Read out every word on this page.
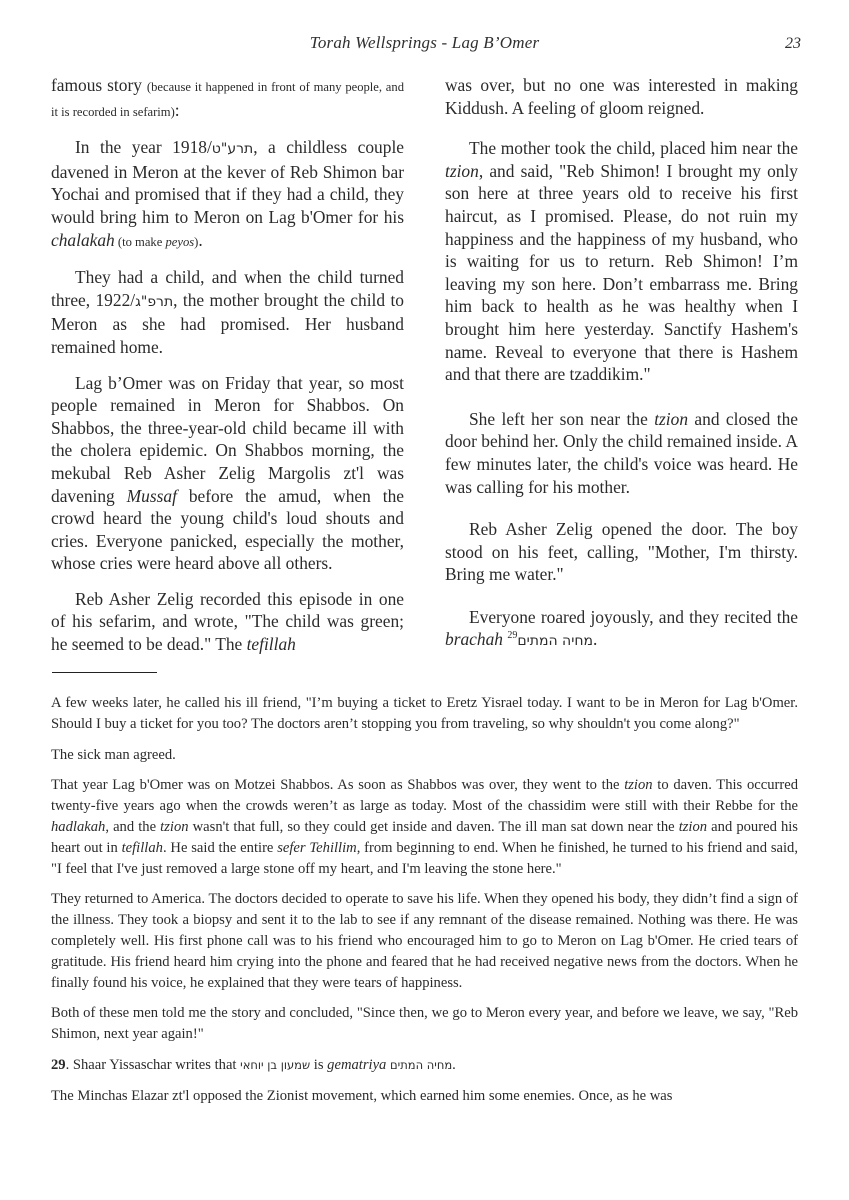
Torah Wellsprings - Lag B’Omer	23

famous story (because it happened in front of many people, and it is recorded in sefarim):

In the year 1918/תרע"ט, a childless couple davened in Meron at the kever of Reb Shimon bar Yochai and promised that if they had a child, they would bring him to Meron on Lag b'Omer for his chalakah (to make peyos).

They had a child, and when the child turned three, 1922/תרפ"ג, the mother brought the child to Meron as she had promised. Her husband remained home.

Lag b’Omer was on Friday that year, so most people remained in Meron for Shabbos. On Shabbos, the three-year-old child became ill with the cholera epidemic. On Shabbos morning, the mekubal Reb Asher Zelig Margolis zt'l was davening Mussaf before the amud, when the crowd heard the young child's loud shouts and cries. Everyone panicked, especially the mother, whose cries were heard above all others.

Reb Asher Zelig recorded this episode in one of his sefarim, and wrote, "The child was green; he seemed to be dead." The tefillah

was over, but no one was interested in making Kiddush. A feeling of gloom reigned.

The mother took the child, placed him near the tzion, and said, "Reb Shimon! I brought my only son here at three years old to receive his first haircut, as I promised. Please, do not ruin my happiness and the happiness of my husband, who is waiting for us to return. Reb Shimon! I’m leaving my son here. Don’t embarrass me. Bring him back to health as he was healthy when I brought him here yesterday. Sanctify Hashem's name. Reveal to everyone that there is Hashem and that there are tzaddikim."

She left her son near the tzion and closed the door behind her. Only the child remained inside. A few minutes later, the child's voice was heard. He was calling for his mother.

Reb Asher Zelig opened the door. The boy stood on his feet, calling, "Mother, I'm thirsty. Bring me water."

Everyone roared joyously, and they recited the brachah $^{29}$מחיה המתים.

A few weeks later, he called his ill friend, "I’m buying a ticket to Eretz Yisrael today. I want to be in Meron for Lag b'Omer. Should I buy a ticket for you too? The doctors aren’t stopping you from traveling, so why shouldn't you come along?"

The sick man agreed.

That year Lag b'Omer was on Motzei Shabbos. As soon as Shabbos was over, they went to the tzion to daven. This occurred twenty-five years ago when the crowds weren’t as large as today. Most of the chassidim were still with their Rebbe for the hadlakah, and the tzion wasn't that full, so they could get inside and daven. The ill man sat down near the tzion and poured his heart out in tefillah. He said the entire sefer Tehillim, from beginning to end. When he finished, he turned to his friend and said, "I feel that I've just removed a large stone off my heart, and I'm leaving the stone here."

They returned to America. The doctors decided to operate to save his life. When they opened his body, they didn’t find a sign of the illness. They took a biopsy and sent it to the lab to see if any remnant of the disease remained. Nothing was there. He was completely well. His first phone call was to his friend who encouraged him to go to Meron on Lag b'Omer. He cried tears of gratitude. His friend heard him crying into the phone and feared that he had received negative news from the doctors. When he finally found his voice, he explained that they were tears of happiness.

Both of these men told me the story and concluded, "Since then, we go to Meron every year, and before we leave, we say, "Reb Shimon, next year again!"

29. Shaar Yissaschar writes that שמעון בן יוחאי is gematriya מחיה המתים.

The Minchas Elazar zt'l opposed the Zionist movement, which earned him some enemies. Once, as he was
